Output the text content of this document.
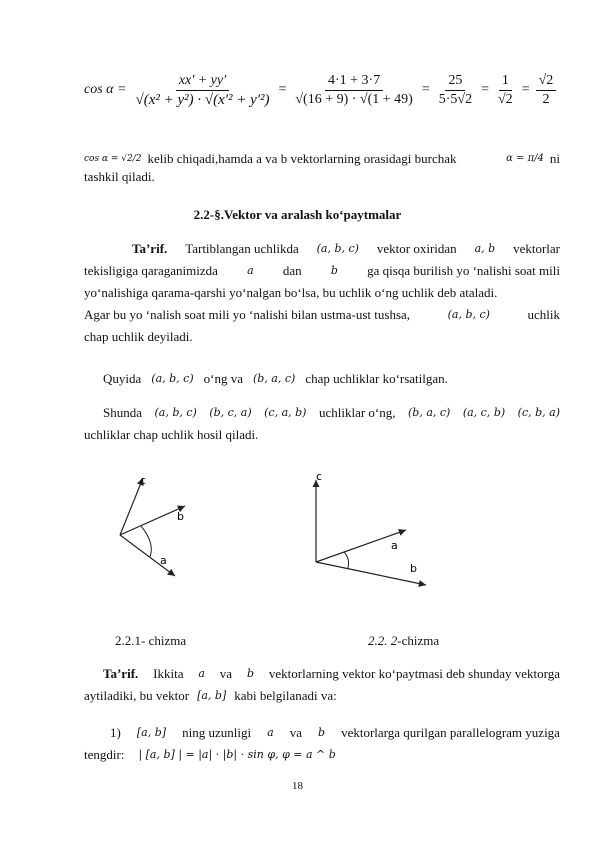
$\cos \alpha = \frac{xx' + yy'}{\text{√(x² + y²) · √(x'² + y'²)}} = \frac{4\cdot 1 + 3\cdot 7}{√(16 + 9) \cdot √(1 + 49)} = \frac{25}{5\cdot 5√2} = \frac{1}{√2} = \frac{√2}{2}$
cos α = √2/2 kelib chiqadi,hamda a va b vektorlarning orasidagi burchak	α = π/4 ni
tashkil qiladi.
2.2-§.Vektor va aralash ko‘paytmalar
Ta’rif. Tartiblangan uchlikda (a, b, c) vektor oxiridan a, b vektorlar
tekisligiga qaraganimizda	a dan	b ga qisqa burilish yo ‘nalishi soat mili
yo‘nalishiga qarama-qarshi yo‘nalgan bo‘lsa, bu uchlik o‘ng uchlik deb ataladi.
Agar bu yo ‘nalish soat mili yo ‘nalishi bilan ustma-ust tushsa,	(a, b, c)	uchlik
chap uchlik deyiladi.
Quyida (a, b, c) o‘ng va (b, a, c) chap uchliklar ko‘rsatilgan.
Shunda (a, b, c) (b, c, a) (c, a, b) uchliklar o‘ng, (b, a, c) (a, c, b) (c, b, a)
uchliklar chap uchlik hosil qiladi.
c
b
a
c
a
b
2.2.1- chizma	2.2. 2-chizma
Ta’rif. Ikkita a va b vektorlarning vektor ko‘paytmasi deb shunday vektorga
aytiladiki, bu vektor [a, b] kabi belgilanadi va:
1) [a, b] ning uzunligi a va b vektorlarga qurilgan parallelogram yuziga
tengdir: | [a, b] | = |a| · |b| · sin φ, φ = a ^ b
18
